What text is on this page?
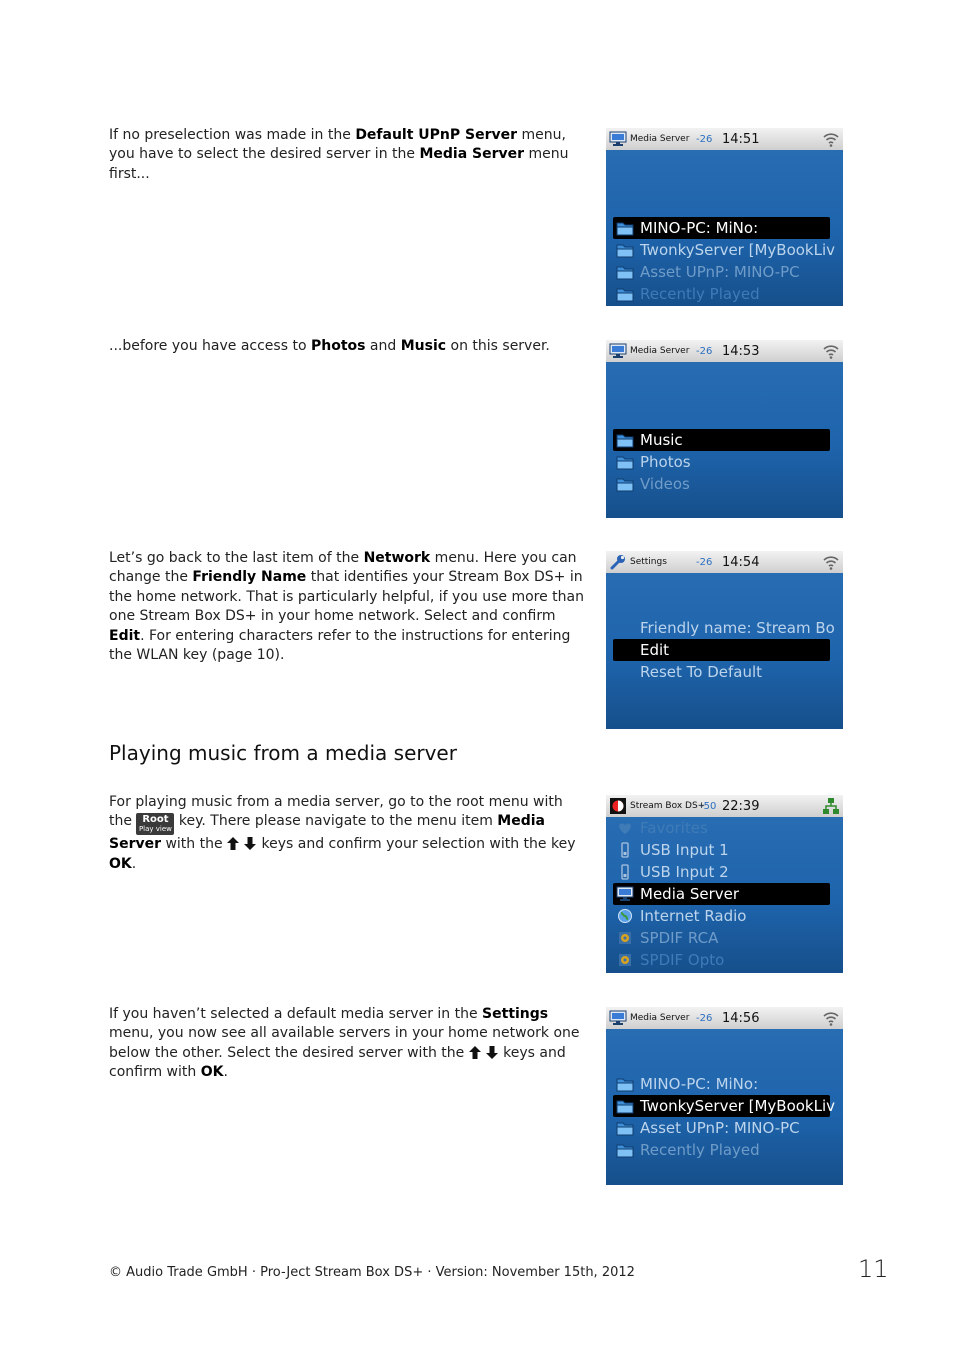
If no preselection was made in the Default UPnP Server menu, you have to select the desired server in the Media Server menu first...
...before you have access to Photos and Music on this server.
Let’s go back to the last item of the Network menu. Here you can change the Friendly Name that identifies your Stream Box DS+ in the home network. That is particularly helpful, if you use more than one Stream Box DS+ in your home network. Select and confirm Edit. For entering characters refer to the instructions for entering the WLAN key (page 10).
Playing music from a media server
For playing music from a media server, go to the root menu with the Root
Play view key. There please navigate to the menu item Media Server with the  keys and confirm your selection with the key OK.
If you haven’t selected a default media server in the Settings menu, you now see all available servers in your home network one below the other. Select the desired server with the  keys and confirm with OK.
Media Server -26 14:51
MINO-PC: MiNo:
TwonkyServer [MyBookLiv
Asset UPnP: MINO-PC
Recently Played
Media Server -26 14:53
Music
Photos
Videos
Settings	-26 14:54
Friendly name: Stream Bo
Edit
Reset To Default
Stream Box DS+
-50 22:39
Favorites
USB Input 1
USB Input 2
Media Server
Internet Radio
SPDIF RCA
SPDIF Opto
Media Server -26 14:56
MINO-PC: MiNo:
TwonkyServer [MyBookLiv
Asset UPnP: MINO-PC
Recently Played
© Audio Trade GmbH · Pro-Ject Stream Box DS+ · Version: November 15th, 2012	11
